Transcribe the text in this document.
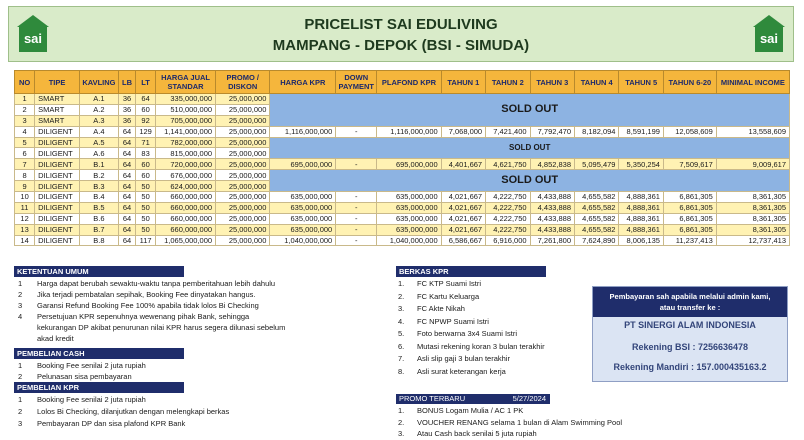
sai
PRICELIST SAI EDULIVING
MAMPANG - DEPOK (BSI - SIMUDA)	sai
NO	TIPE	KAVLING	LB	LT	HARGA JUAL STANDAR	PROMO / DISKON	HARGA KPR	DOWN PAYMENT	PLAFOND KPR	TAHUN 1	TAHUN 2	TAHUN 3	TAHUN 4	TAHUN 5	TAHUN 6-20	MINIMAL INCOME
1	SMART	A.1	36	64	335,000,000	25,000,000	SOLD OUT									
2	SMART	A.2	36	60	510,000,000	25,000,000										
3	SMART	A.3	36	92	705,000,000	25,000,000										
4	DILIGENT	A.4	64	129	1,141,000,000	25,000,000	1,116,000,000	-	1,116,000,000	7,068,000	7,421,400	7,792,470	8,182,094	8,591,199	12,058,609	13,558,609
5	DILIGENT	A.5	64	71	782,000,000	25,000,000	SOLD OUT									
6	DILIGENT	A.6	64	83	815,000,000	25,000,000										
7	DILIGENT	B.1	64	60	720,000,000	25,000,000	695,000,000	-	695,000,000	4,401,667	4,621,750	4,852,838	5,095,479	5,350,254	7,509,617	9,009,617
8	DILIGENT	B.2	64	60	676,000,000	25,000,000	SOLD OUT									
9	DILIGENT	B.3	64	50	624,000,000	25,000,000										
10	DILIGENT	B.4	64	50	660,000,000	25,000,000	635,000,000	-	635,000,000	4,021,667	4,222,750	4,433,888	4,655,582	4,888,361	6,861,305	8,361,305
11	DILIGENT	B.5	64	50	660,000,000	25,000,000	635,000,000	-	635,000,000	4,021,667	4,222,750	4,433,888	4,655,582	4,888,361	6,861,305	8,361,305
12	DILIGENT	B.6	64	50	660,000,000	25,000,000	635,000,000	-	635,000,000	4,021,667	4,222,750	4,433,888	4,655,582	4,888,361	6,861,305	8,361,305
13	DILIGENT	B.7	64	50	660,000,000	25,000,000	635,000,000	-	635,000,000	4,021,667	4,222,750	4,433,888	4,655,582	4,888,361	6,861,305	8,361,305
14	DILIGENT	B.8	64	117	1,065,000,000	25,000,000	1,040,000,000	-	1,040,000,000	6,586,667	6,916,000	7,261,800	7,624,890	8,006,135	11,237,413	12,737,413
KETENTUAN UMUM
1	Harga dapat berubah sewaktu-waktu tanpa pemberitahuan lebih dahulu
2	Jika terjadi pembatalan sepihak, Booking Fee dinyatakan hangus.
3	Garansi Refund Booking Fee 100% apabila tidak lolos Bi Checking
4	Persetujuan KPR sepenuhnya wewenang pihak Bank, sehingga
kekurangan DP akibat penurunan nilai KPR harus segera dilunasi sebelum
akad kredit
PEMBELIAN CASH
1	Booking Fee senilai 2 juta rupiah
2	Pelunasan sisa pembayaran
PEMBELIAN KPR
1	Booking Fee senilai 2 juta rupiah
2	Lolos Bi Checking, dilanjutkan dengan melengkapi berkas
3	Pembayaran DP dan sisa plafond KPR Bank
BERKAS KPR
1.	FC KTP Suami Istri
2.	FC Kartu Keluarga
3.	FC Akte Nikah
4.	FC NPWP Suami Istri
5.	Foto berwarna 3x4 Suami Istri
6.	Mutasi rekening koran 3 bulan terakhir
7.	Asli slip gaji 3 bulan terakhir
8.	Asli surat keterangan kerja
Pembayaran sah apabila melalui admin kami,
atau transfer ke :
PT SINERGI ALAM INDONESIA
Rekening BSI : 7256636478
Rekening Mandiri : 157.000435163.2
PROMO TERBARU	5/27/2024
1.	BONUS Logam Mulia / AC 1 PK
2.	VOUCHER RENANG selama 1 bulan di Alam Swimming Pool
3.	Atau Cash back senilai 5 juta rupiah
